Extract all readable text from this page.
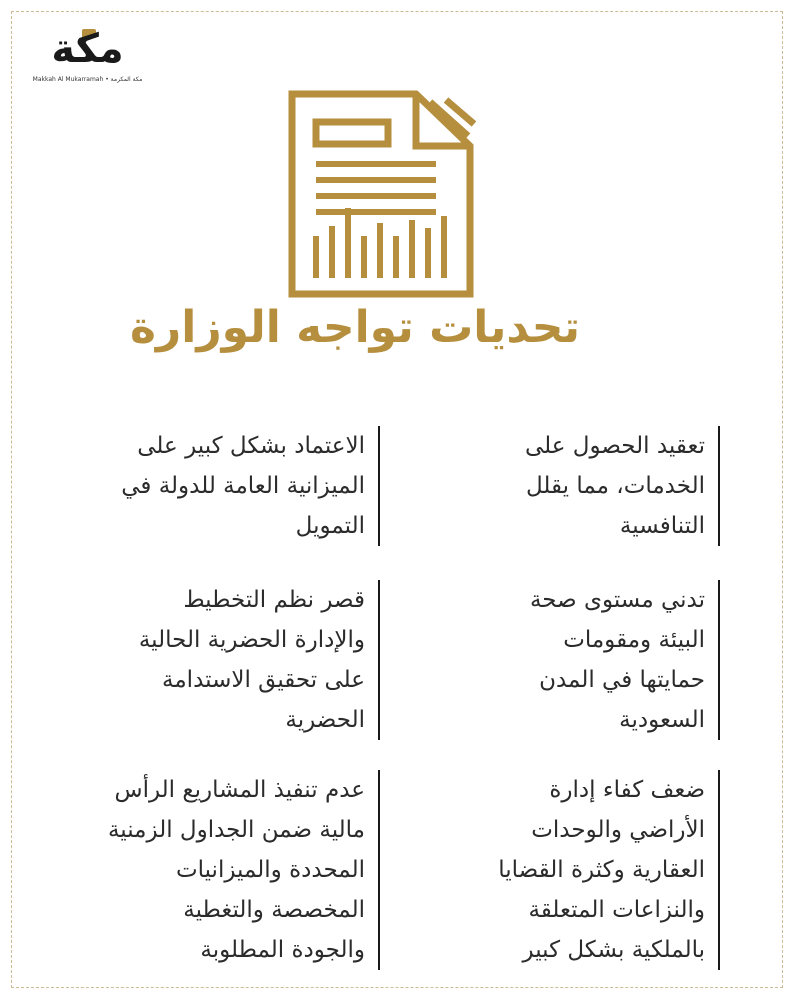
مكة
Makkah Al Mukarramah • مكة المكرمة
تحديات تواجه الوزارة
تعقيد الحصول على
الخدمات، مما يقلل
التنافسية
الاعتماد بشكل كبير على
الميزانية العامة للدولة في
التمويل
تدني مستوى صحة
البيئة ومقومات
حمايتها في المدن
السعودية
قصر نظم التخطيط
والإدارة الحضرية الحالية
على تحقيق الاستدامة
الحضرية
ضعف كفاء إدارة
الأراضي والوحدات
العقارية وكثرة القضايا
والنزاعات المتعلقة
بالملكية بشكل كبير
عدم تنفيذ المشاريع الرأس
مالية ضمن الجداول الزمنية
المحددة والميزانيات
المخصصة والتغطية
والجودة المطلوبة
